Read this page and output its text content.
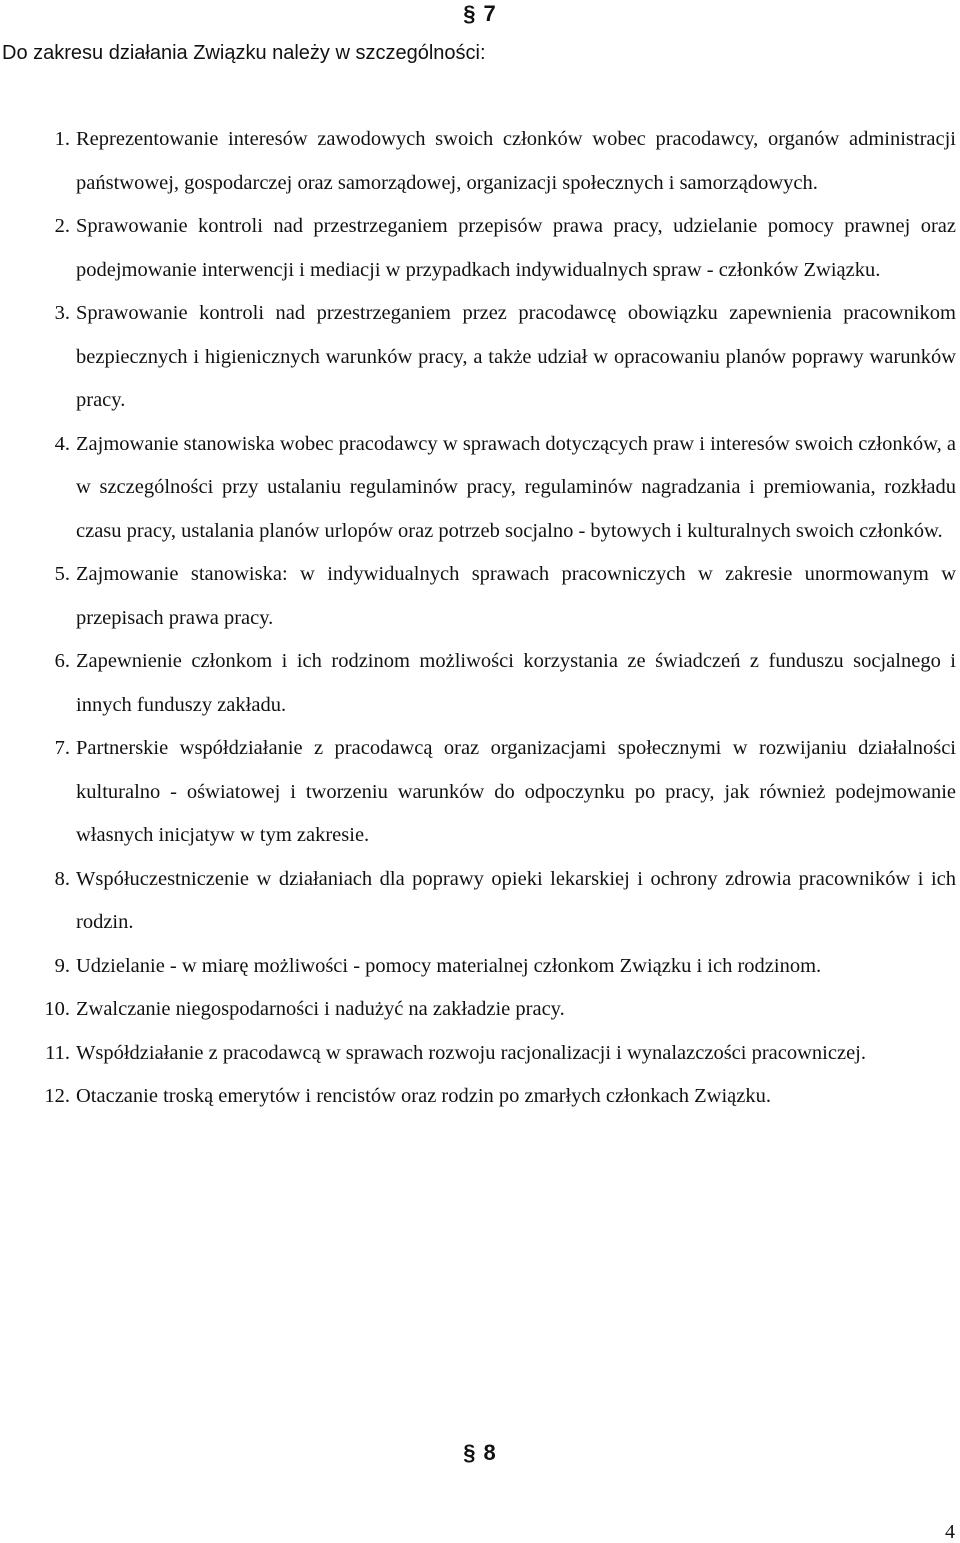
§ 7
Do zakresu działania Związku należy w szczególności:
1. Reprezentowanie interesów zawodowych swoich członków wobec pracodawcy, organów administracji państwowej, gospodarczej oraz samorządowej, organizacji społecznych i samorządowych.
2. Sprawowanie kontroli nad przestrzeganiem przepisów prawa pracy, udzielanie pomocy prawnej oraz podejmowanie interwencji i mediacji w przypadkach indywidualnych spraw - członków Związku.
3. Sprawowanie kontroli nad przestrzeganiem przez pracodawcę obowiązku zapewnienia pracownikom bezpiecznych i higienicznych warunków pracy, a także udział w opracowaniu planów poprawy warunków pracy.
4. Zajmowanie stanowiska wobec pracodawcy w sprawach dotyczących praw i interesów swoich członków, a w szczególności przy ustalaniu regulaminów pracy, regulaminów nagradzania i premiowania, rozkładu czasu pracy, ustalania planów urlopów oraz potrzeb socjalno - bytowych i kulturalnych swoich członków.
5. Zajmowanie stanowiska: w indywidualnych sprawach pracowniczych w zakresie unormowanym w przepisach prawa pracy.
6. Zapewnienie członkom i ich rodzinom możliwości korzystania ze świadczeń z funduszu socjalnego i innych funduszy zakładu.
7. Partnerskie współdziałanie z pracodawcą oraz organizacjami społecznymi w rozwijaniu działalności kulturalno - oświatowej i tworzeniu warunków do odpoczynku po pracy, jak również podejmowanie własnych inicjatyw w tym zakresie.
8. Współuczestniczenie w działaniach dla poprawy opieki lekarskiej i ochrony zdrowia pracowników i ich rodzin.
9. Udzielanie - w miarę możliwości - pomocy materialnej członkom Związku i ich rodzinom.
10. Zwalczanie niegospodarności i nadużyć na zakładzie pracy.
11. Współdziałanie z pracodawcą w sprawach rozwoju racjonalizacji i wynalazczości pracowniczej.
12. Otaczanie troską emerytów i rencistów oraz rodzin po zmarłych członkach Związku.
§ 8
4
